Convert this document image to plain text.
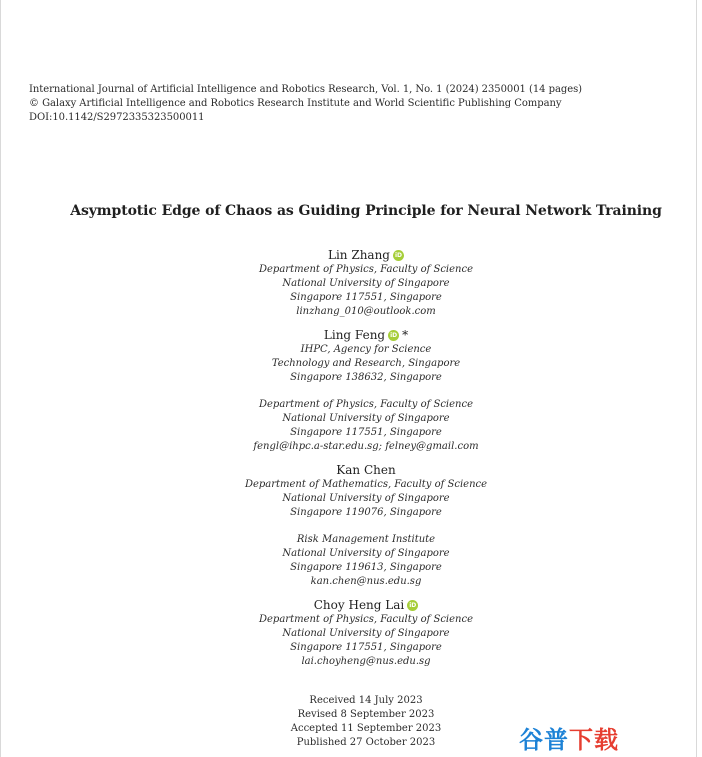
International Journal of Artificial Intelligence and Robotics Research, Vol. 1, No. 1 (2024) 2350001 (14 pages)
© Galaxy Artificial Intelligence and Robotics Research Institute and World Scientific Publishing Company
DOI:10.1142/S2972335323500011
Asymptotic Edge of Chaos as Guiding Principle for Neural Network Training
Lin Zhang iD
Department of Physics, Faculty of Science
National University of Singapore
Singapore 117551, Singapore
linzhang_010@outlook.com
Ling Feng iD *
IHPC, Agency for Science
Technology and Research, Singapore
Singapore 138632, Singapore
Department of Physics, Faculty of Science
National University of Singapore
Singapore 117551, Singapore
fengl@ihpc.a-star.edu.sg; felney@gmail.com
Kan Chen
Department of Mathematics, Faculty of Science
National University of Singapore
Singapore 119076, Singapore
Risk Management Institute
National University of Singapore
Singapore 119613, Singapore
kan.chen@nus.edu.sg
Choy Heng Lai iD
Department of Physics, Faculty of Science
National University of Singapore
Singapore 117551, Singapore
lai.choyheng@nus.edu.sg
Received 14 July 2023
Revised 8 September 2023
Accepted 11 September 2023
Published 27 October 2023	谷普 下载
